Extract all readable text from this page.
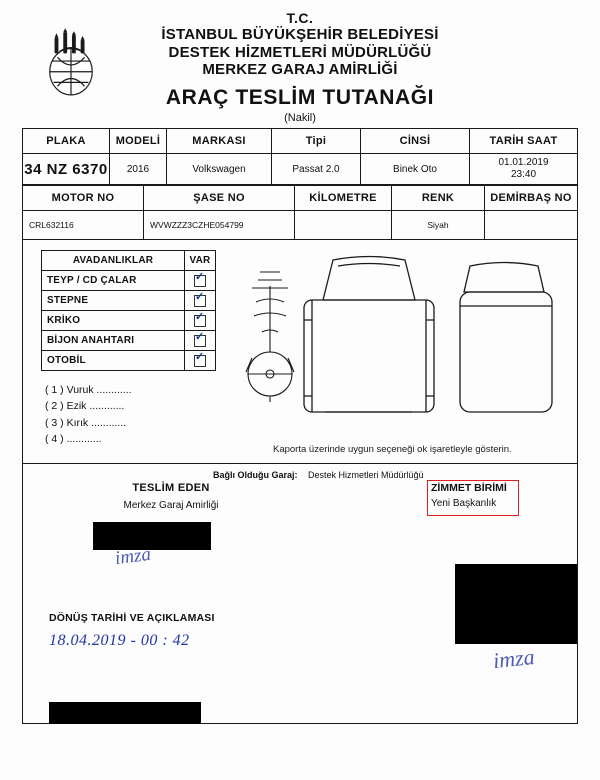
T.C.
İSTANBUL BÜYÜKŞEHİR BELEDİYESİ
DESTEK HİZMETLERİ MÜDÜRLÜĞÜ
MERKEZ GARAJ AMİRLİĞİ
ARAÇ TESLİM TUTANAĞI
(Nakil)
PLAKA	MODELİ	MARKASI	Tipi	CİNSİ	TARİH SAAT
34 NZ 6370	2016	Volkswagen	Passat 2.0	Binek Oto	01.01.2019
23:40
MOTOR NO	ŞASE NO	KİLOMETRE	RENK	DEMİRBAŞ NO
CRL632116	WVWZZZ3CZHE054799		Siyah	
AVADANLIKLAR	VAR
TEYP / CD ÇALAR	✓
STEPNE	✓
KRİKO	✓
BİJON ANAHTARI	✓
OTOBİL	✓
( 1 ) Vuruk ............
( 2 ) Ezik ............
( 3 ) Kırık ............
( 4 ) ............
Kaporta üzerinde uygun seçeneği ok işaretleyle gösterin.
Bağlı Olduğu Garaj: Destek Hizmetleri Müdürlüğü
TESLİM EDEN
Merkez Garaj Amirliği
ZİMMET BİRİMİ
Yeni Başkanlık
imza
imza
DÖNÜŞ TARİHİ VE AÇIKLAMASI
18.04.2019 - 00 : 42
